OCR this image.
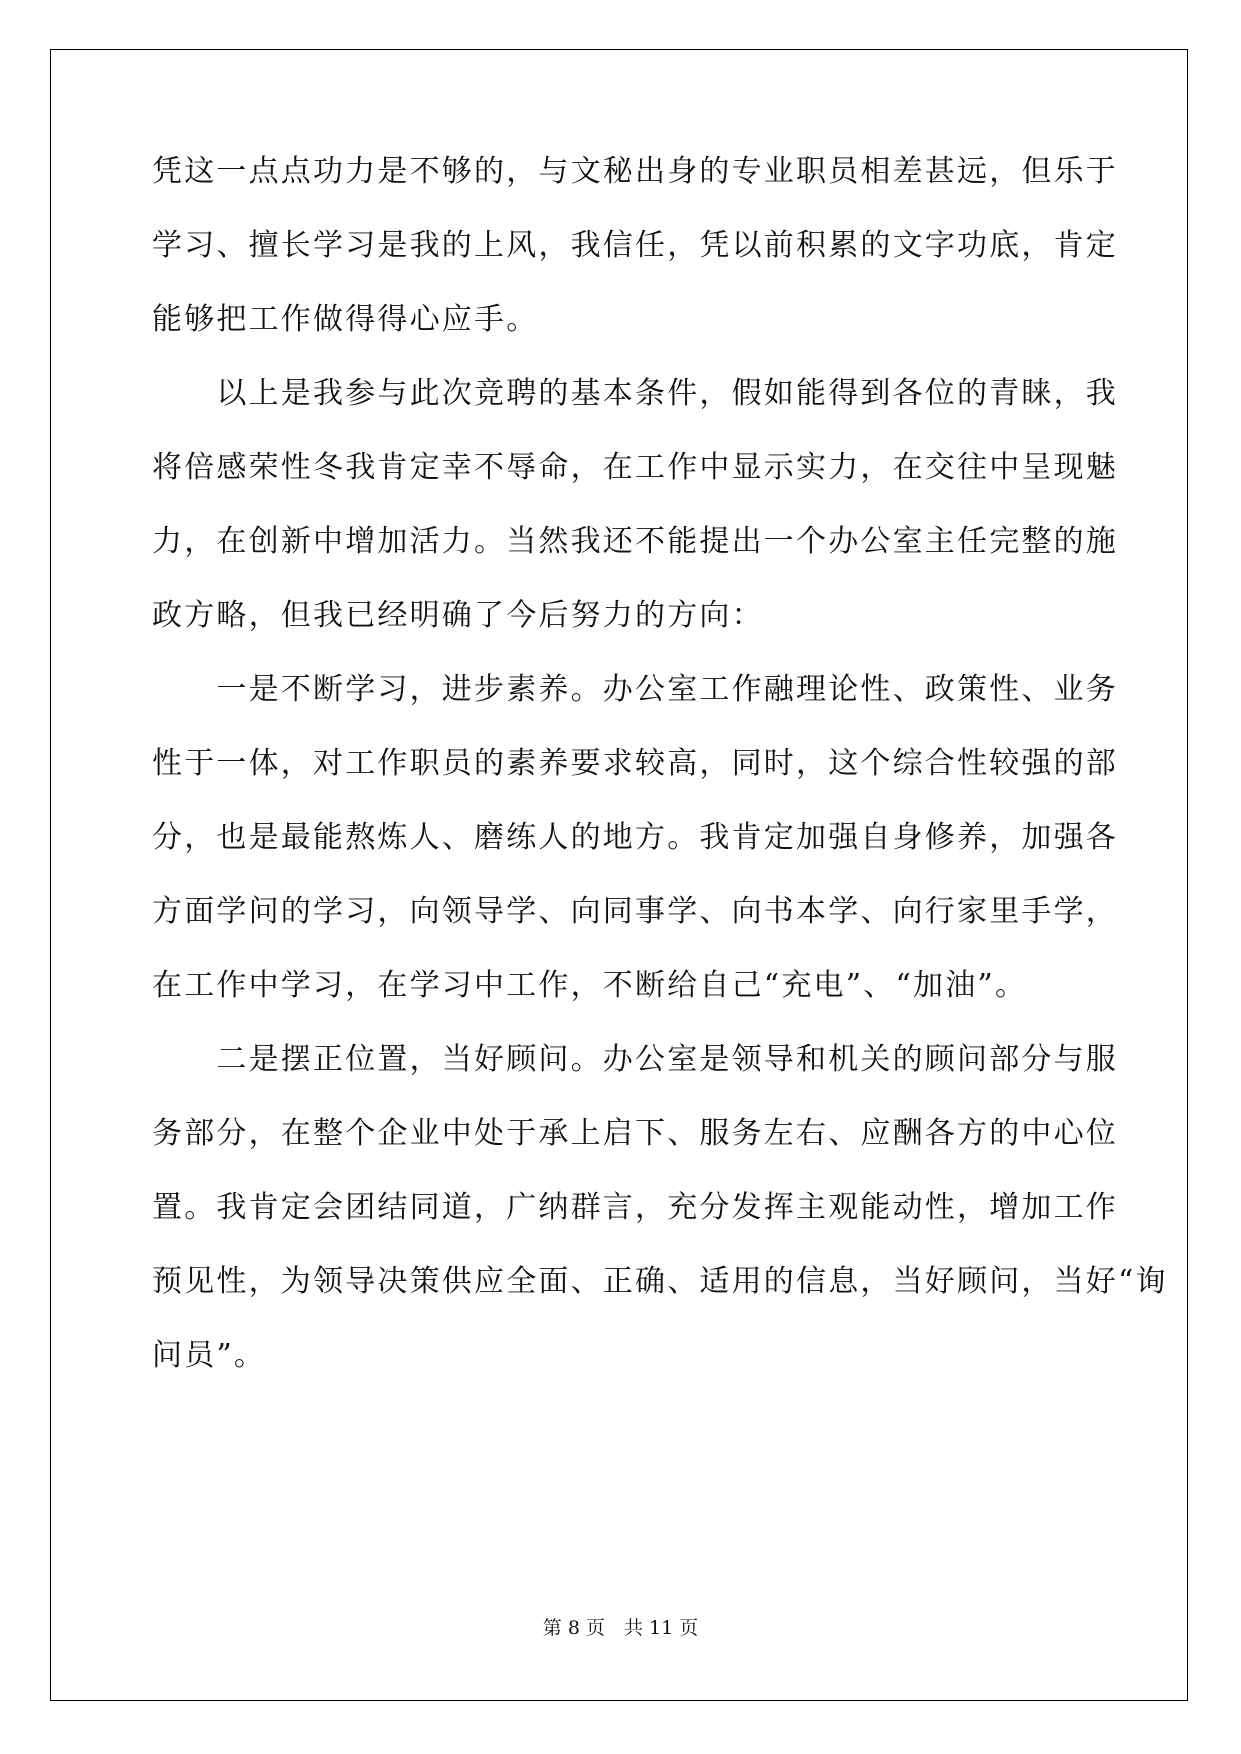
凭这一点点功力是不够的，与文秘出身的专业职员相差甚远，但乐于
学习、擅长学习是我的上风，我信任，凭以前积累的文字功底，肯定
能够把工作做得得心应手。
　　以上是我参与此次竞聘的基本条件，假如能得到各位的青睐，我
将倍感荣性冬我肯定幸不辱命，在工作中显示实力，在交往中呈现魅
力，在创新中增加活力。当然我还不能提出一个办公室主任完整的施
政方略，但我已经明确了今后努力的方向：
　　一是不断学习，进步素养。办公室工作融理论性、政策性、业务
性于一体，对工作职员的素养要求较高，同时，这个综合性较强的部
分，也是最能熬炼人、磨练人的地方。我肯定加强自身修养，加强各
方面学问的学习，向领导学、向同事学、向书本学、向行家里手学，
在工作中学习，在学习中工作，不断给自己“充电”、“加油”。
　　二是摆正位置，当好顾问。办公室是领导和机关的顾问部分与服
务部分，在整个企业中处于承上启下、服务左右、应酬各方的中心位
置。我肯定会团结同道，广纳群言，充分发挥主观能动性，增加工作
预见性，为领导决策供应全面、正确、适用的信息，当好顾问，当好“询
问员”。
第 8 页　共 11 页
